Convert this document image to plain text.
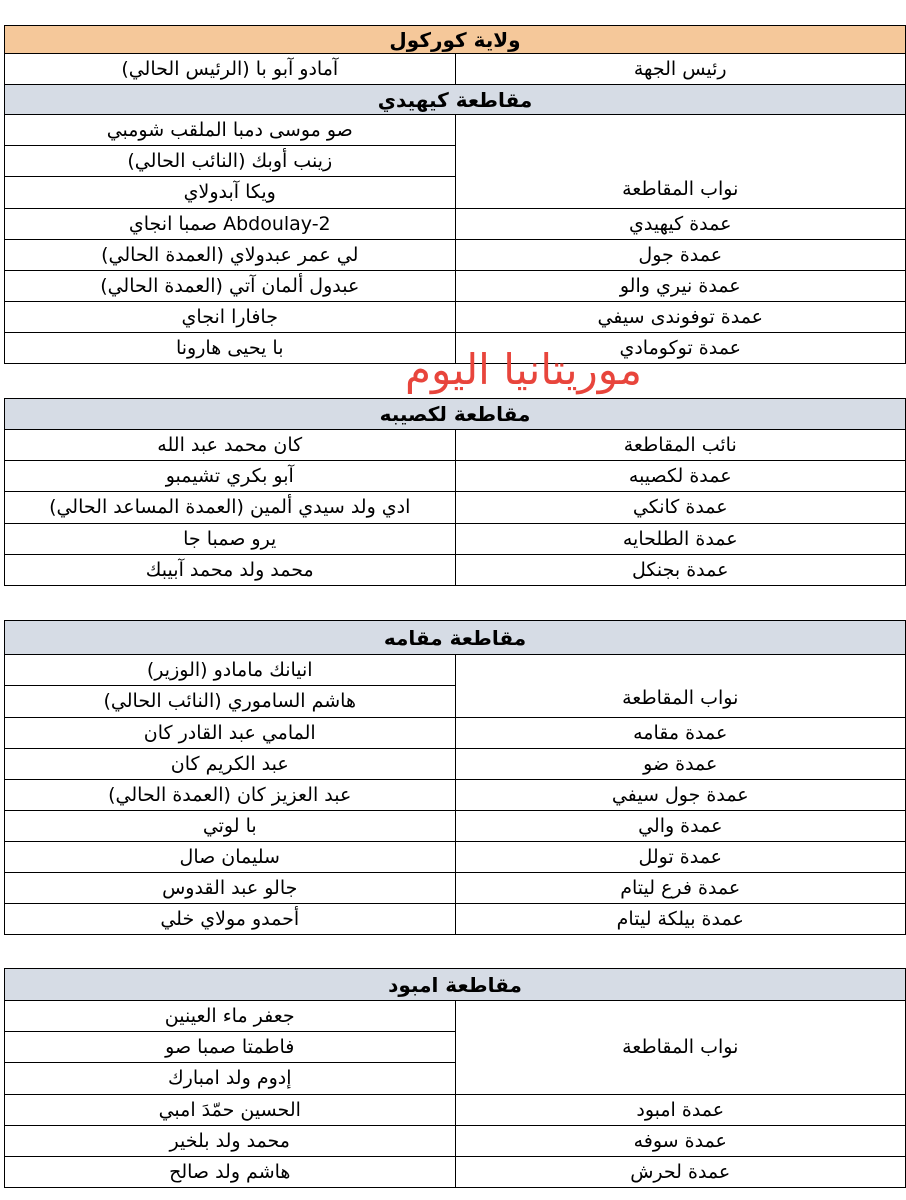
ولاية كوركول	
رئيس الجهة	آمادو آبو با (الرئيس الحالي)
مقاطعة كيهيدي	
نواب المقاطعة	صو موسى دمبا الملقب شومبي
	زينب أوبك (النائب الحالي)
	ويكا آبدولاي
عمدة كيهيدي	Abdoulay-2 صمبا انجاي
عمدة جول	لي عمر عبدولاي (العمدة الحالي)
عمدة نيري والو	عبدول ألمان آتي (العمدة الحالي)
عمدة توفوندى سيفي	جافارا انجاي
عمدة توكومادي	با يحيى هارونا	موريتانيا اليوم
مقاطعة لكصيبه	
نائب المقاطعة	كان محمد عبد الله
عمدة لكصيبه	آبو بكري تشيمبو
عمدة كانكي	ادي ولد سيدي ألمين (العمدة المساعد الحالي)
عمدة الطلحايه	يرو صمبا جا
عمدة بجنكل	محمد ولد محمد آبيبك
مقاطعة مقامه	
نواب المقاطعة	انيانك مامادو (الوزير)
	هاشم الساموري (النائب الحالي)
عمدة مقامه	المامي عبد القادر كان
عمدة ضو	عبد الكريم كان
عمدة جول سيفي	عبد العزيز كان (العمدة الحالي)
عمدة والي	با لوتي
عمدة تولل	سليمان صال
عمدة فرع ليتام	جالو عبد القدوس
عمدة بيلكة ليتام	أحمدو مولاي خلي
مقاطعة امبود	
نواب المقاطعة	جعفر ماء العينين
	فاطمتا صمبا صو
	إدوم ولد امبارك
عمدة امبود	الحسين حمّدَ امبي
عمدة سوفه	محمد ولد بلخير
عمدة لحرش	هاشم ولد صالح
